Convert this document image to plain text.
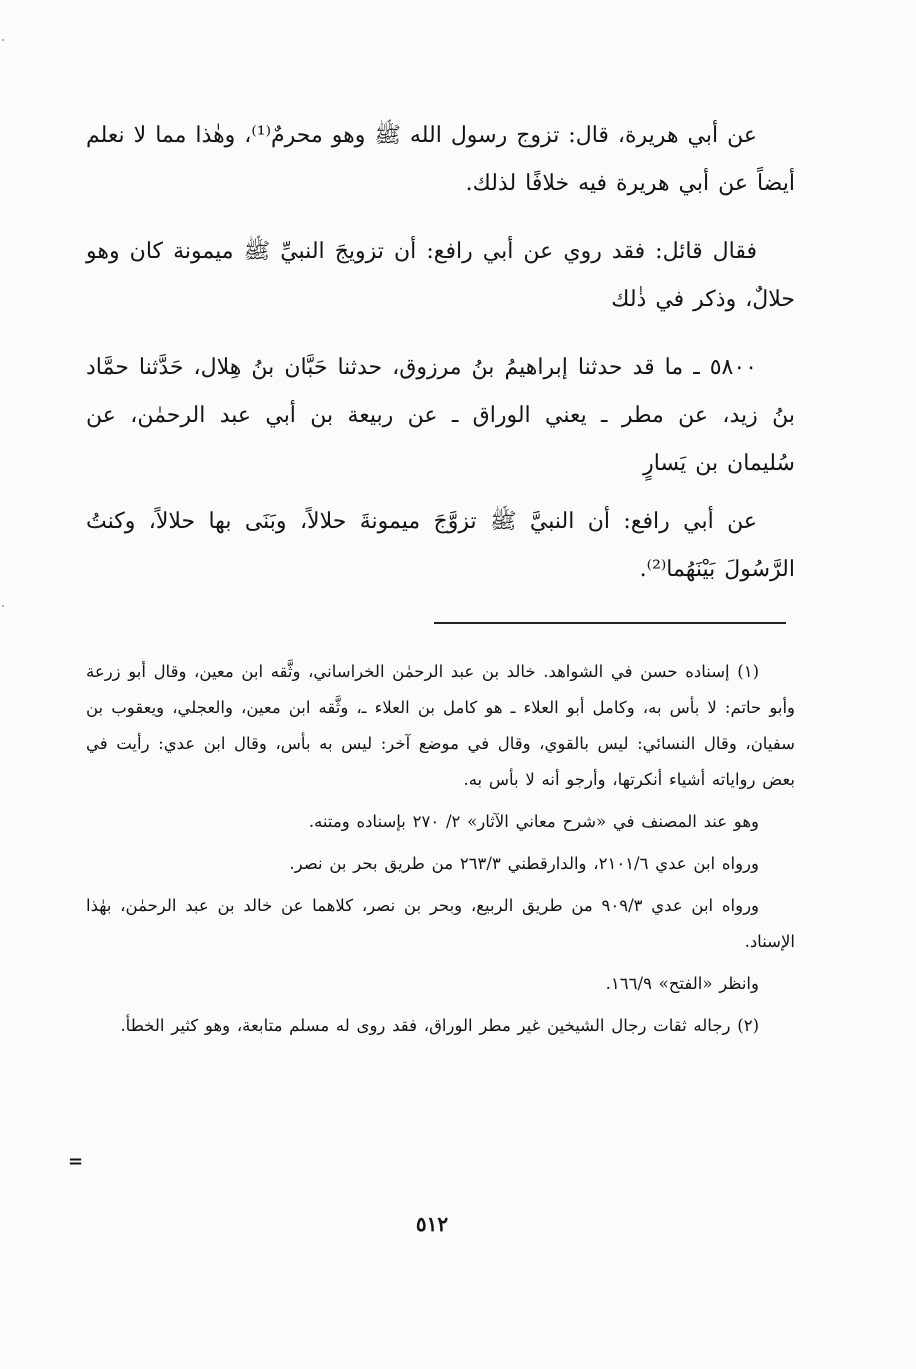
عن أبي هريرة، قال: تزوج رسول الله ﷺ وهو محرمٌ⁽¹⁾، وهٰذا مما لا نعلم أيضاً عن أبي هريرة فيه خلافًا لذلك.

فقال قائل: فقد روي عن أبي رافع: أن تزويجَ النبيِّ ﷺ ميمونة كان وهو حلالٌ، وذكر في ذٰلك

٥٨٠٠ ـ ما قد حدثنا إبراهيمُ بنُ مرزوق، حدثنا حَبَّان بنُ هِلال، حَدَّثنا حمَّاد بنُ زيد، عن مطر ـ يعني الوراق ـ عن ربيعة بن أبي عبد الرحمٰن، عن سُليمان بن يَسارٍ

عن أبي رافع: أن النبيَّ ﷺ تزوَّجَ ميمونةَ حلالاً، وبَنَى بها حلالاً، وكنتُ الرَّسُولَ بَيْنَهُما⁽²⁾.

(١) إسناده حسن في الشواهد. خالد بن عبد الرحمٰن الخراساني، وثَّقه ابن معين، وقال أبو زرعة وأبو حاتم: لا بأس به، وكامل أبو العلاء ـ هو كامل بن العلاء ـ، وثَّقه ابن معين، والعجلي، ويعقوب بن سفيان، وقال النسائي: ليس بالقوي، وقال في موضع آخر: ليس به بأس، وقال ابن عدي: رأيت في بعض رواياته أشياء أنكرتها، وأرجو أنه لا بأس به.

وهو عند المصنف في «شرح معاني الآثار» ٢/ ٢٧٠ بإسناده ومتنه.

ورواه ابن عدي ٢١٠١/٦، والدارقطني ٢٦٣/٣ من طريق بحر بن نصر.

ورواه ابن عدي ٩٠٩/٣ من طريق الربيع، وبحر بن نصر، كلاهما عن خالد بن عبد الرحمٰن، بهٰذا الإسناد.

وانظر «الفتح» ١٦٦/٩.

(٢) رجاله ثقات رجال الشيخين غير مطر الوراق، فقد روى له مسلم متابعة، وهو كثير الخطأ.

=
٥١٢
